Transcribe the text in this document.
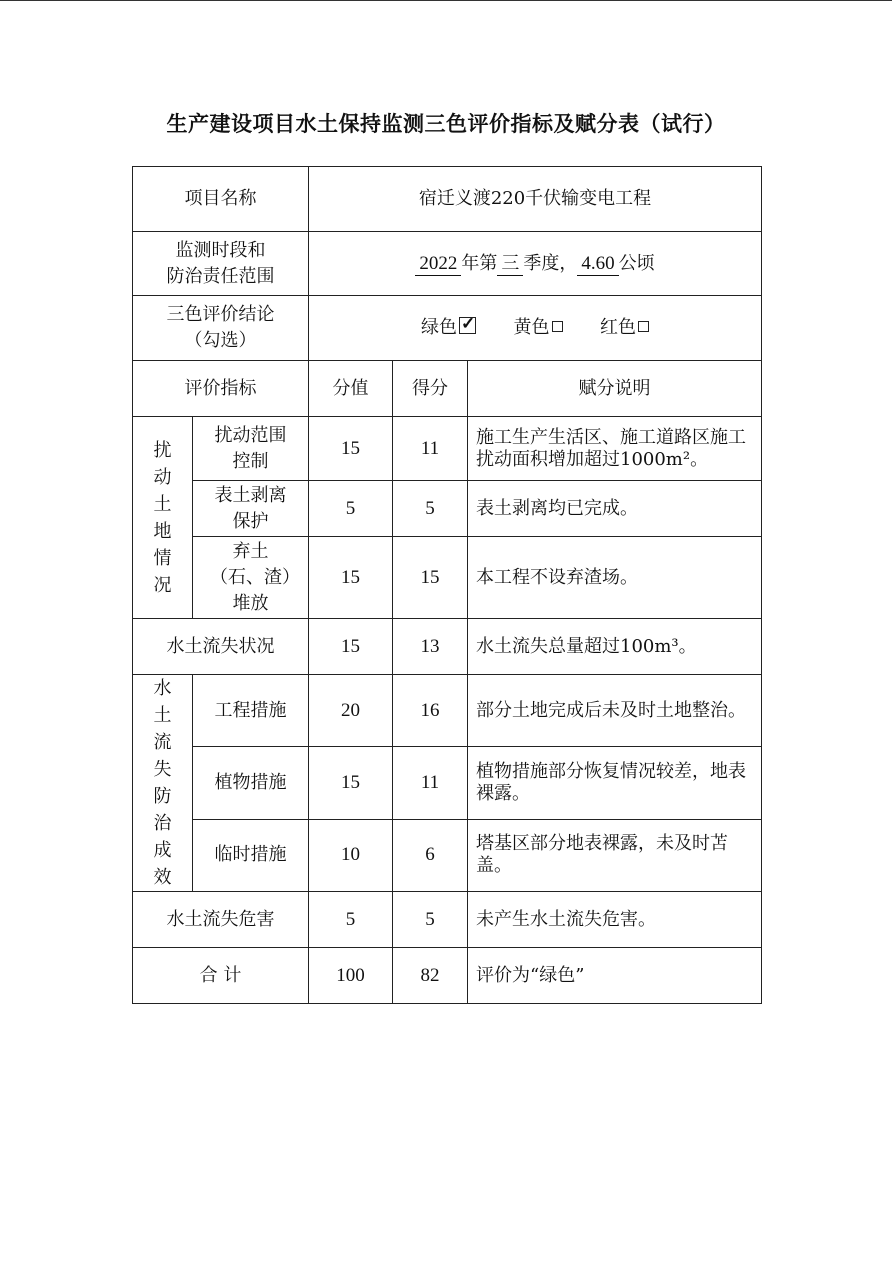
生产建设项目水土保持监测三色评价指标及赋分表（试行）
项目名称		宿迁义渡220千伏输变电工程		

监测时段和
防治责任范围		2022 年第 三 季度， 4.60 公顷		

三色评价结论
（勾选）		绿色 ✓ 黄色 红色
评价指标		分值	得分	赋分说明
扰动土地情况	扰动范围控制	15	11	施工生产生活区、施工道路区施工扰动面积增加超过1000m²。
	表土剥离保护	5	5	表土剥离均已完成。
	弃土（石、渣）堆放	15	15	本工程不设弃渣场。
水土流失状况		15	13	水土流失总量超过100m³。
水土流失防治成效	工程措施	20	16	部分土地完成后未及时土地整治。
	植物措施	15	11	植物措施部分恢复情况较差，地表裸露。
	临时措施	10	6	塔基区部分地表裸露，未及时苫盖。
水土流失危害		5	5	未产生水土流失危害。
合 计		100	82	评价为“绿色”
